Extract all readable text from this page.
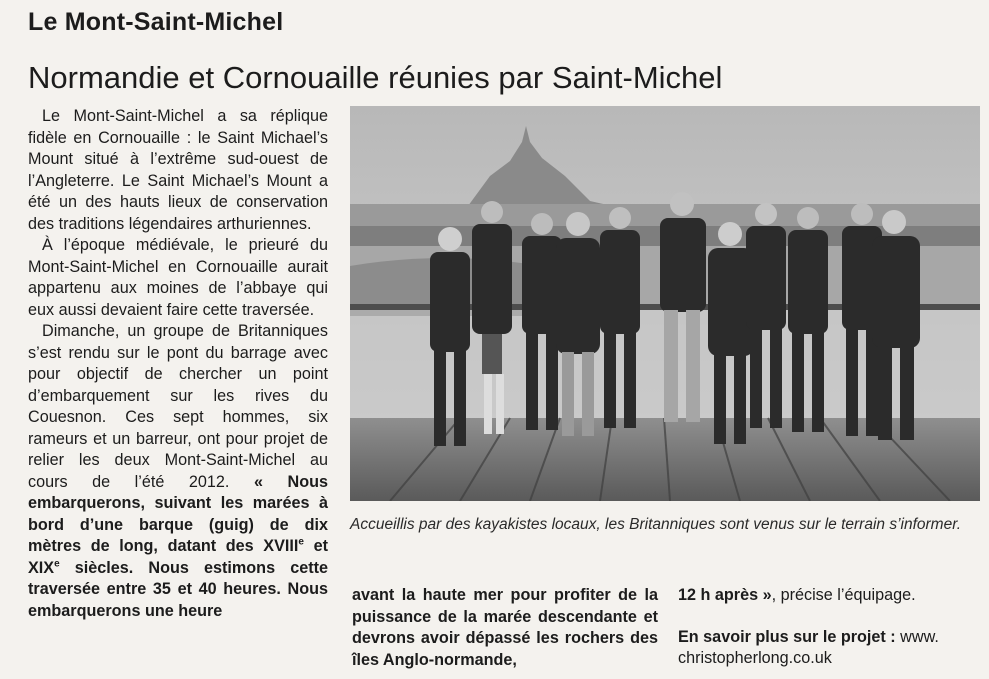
Le Mont-Saint-Michel
Normandie et Cornouaille réunies par Saint-Michel

Le Mont-Saint-Michel a sa réplique fidèle en Cornouaille : le Saint Michael’s Mount situé à l’extrême sud-ouest de l’Angleterre. Le Saint Michael’s Mount a été un des hauts lieux de conservation des traditions légendaires arthuriennes.

À l’époque médiévale, le prieuré du Mont-Saint-Michel en Cornouaille aurait appartenu aux moines de l’abbaye qui eux aussi devaient faire cette traversée.

Dimanche, un groupe de Britanniques s’est rendu sur le pont du barrage avec pour objectif de chercher un point d’embarquement sur les rives du Couesnon. Ces sept hommes, six rameurs et un barreur, ont pour projet de relier les deux Mont-Saint-Michel au cours de l’été 2012. « Nous embarquerons, suivant les marées à bord d’une barque (guig) de dix mètres de long, datant des XVIIIe et XIXe siècles. Nous estimons cette traversée entre 35 et 40 heures. Nous embarquerons une heure

Accueillis par des kayakistes locaux, les Britanniques sont venus sur le terrain s’informer.
avant la haute mer pour profiter de la puissance de la marée descendante et devrons avoir dépassé les rochers des îles Anglo-normande,

12 h après », précise l’équipage.

En savoir plus sur le projet : www.
christopherlong.co.uk
